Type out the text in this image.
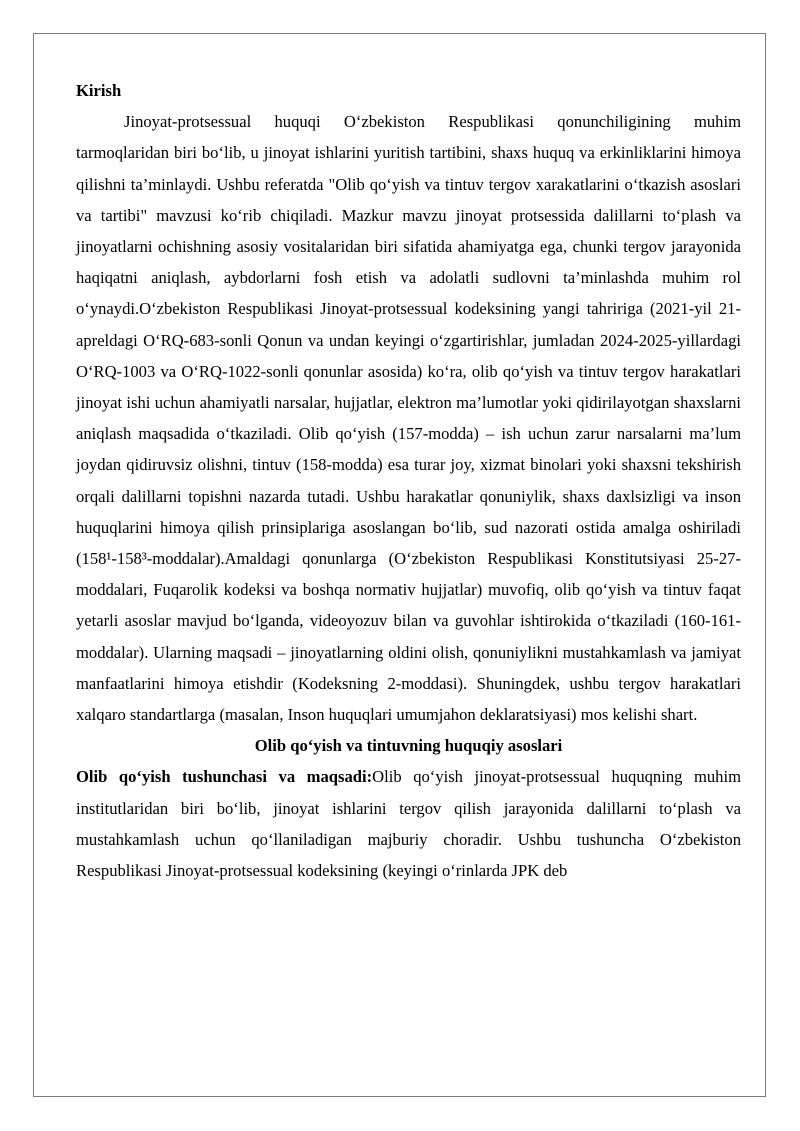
Kirish

Jinoyat-protsessual huquqi O‘zbekiston Respublikasi qonunchiligining muhim tarmoqlaridan biri bo‘lib, u jinoyat ishlarini yuritish tartibini, shaxs huquq va erkinliklarini himoya qilishni ta’minlaydi. Ushbu referatda "Olib qo‘yish va tintuv tergov xarakatlarini o‘tkazish asoslari va tartibi" mavzusi ko‘rib chiqiladi. Mazkur mavzu jinoyat protsessida dalillarni to‘plash va jinoyatlarni ochishning asosiy vositalaridan biri sifatida ahamiyatga ega, chunki tergov jarayonida haqiqatni aniqlash, aybdorlarni fosh etish va adolatli sudlovni ta’minlashda muhim rol o‘ynaydi.O‘zbekiston Respublikasi Jinoyat-protsessual kodeksining yangi tahririga (2021-yil 21-apreldagi O‘RQ-683-sonli Qonun va undan keyingi o‘zgartirishlar, jumladan 2024-2025-yillardagi O‘RQ-1003 va O‘RQ-1022-sonli qonunlar asosida) ko‘ra, olib qo‘yish va tintuv tergov harakatlari jinoyat ishi uchun ahamiyatli narsalar, hujjatlar, elektron ma’lumotlar yoki qidirilayotgan shaxslarni aniqlash maqsadida o‘tkaziladi. Olib qo‘yish (157-modda) – ish uchun zarur narsalarni ma’lum joydan qidiruvsiz olishni, tintuv (158-modda) esa turar joy, xizmat binolari yoki shaxsni tekshirish orqali dalillarni topishni nazarda tutadi. Ushbu harakatlar qonuniylik, shaxs daxlsizligi va inson huquqlarini himoya qilish prinsiplariga asoslangan bo‘lib, sud nazorati ostida amalga oshiriladi (158¹-158³-moddalar).Amaldagi qonunlarga (O‘zbekiston Respublikasi Konstitutsiyasi 25-27-moddalari, Fuqarolik kodeksi va boshqa normativ hujjatlar) muvofiq, olib qo‘yish va tintuv faqat yetarli asoslar mavjud bo‘lganda, videoyozuv bilan va guvohlar ishtirokida o‘tkaziladi (160-161-moddalar). Ularning maqsadi – jinoyatlarning oldini olish, qonuniylikni mustahkamlash va jamiyat manfaatlarini himoya etishdir (Kodeksning 2-moddasi). Shuningdek, ushbu tergov harakatlari xalqaro standartlarga (masalan, Inson huquqlari umumjahon deklaratsiyasi) mos kelishi shart.

Olib qo‘yish va tintuvning huquqiy asoslari

Olib qo‘yish tushunchasi va maqsadi:Olib qo‘yish jinoyat-protsessual huquqning muhim institutlaridan biri bo‘lib, jinoyat ishlarini tergov qilish jarayonida dalillarni to‘plash va mustahkamlash uchun qo‘llaniladigan majburiy choradir. Ushbu tushuncha O‘zbekiston Respublikasi Jinoyat-protsessual kodeksining (keyingi o‘rinlarda JPK deb
